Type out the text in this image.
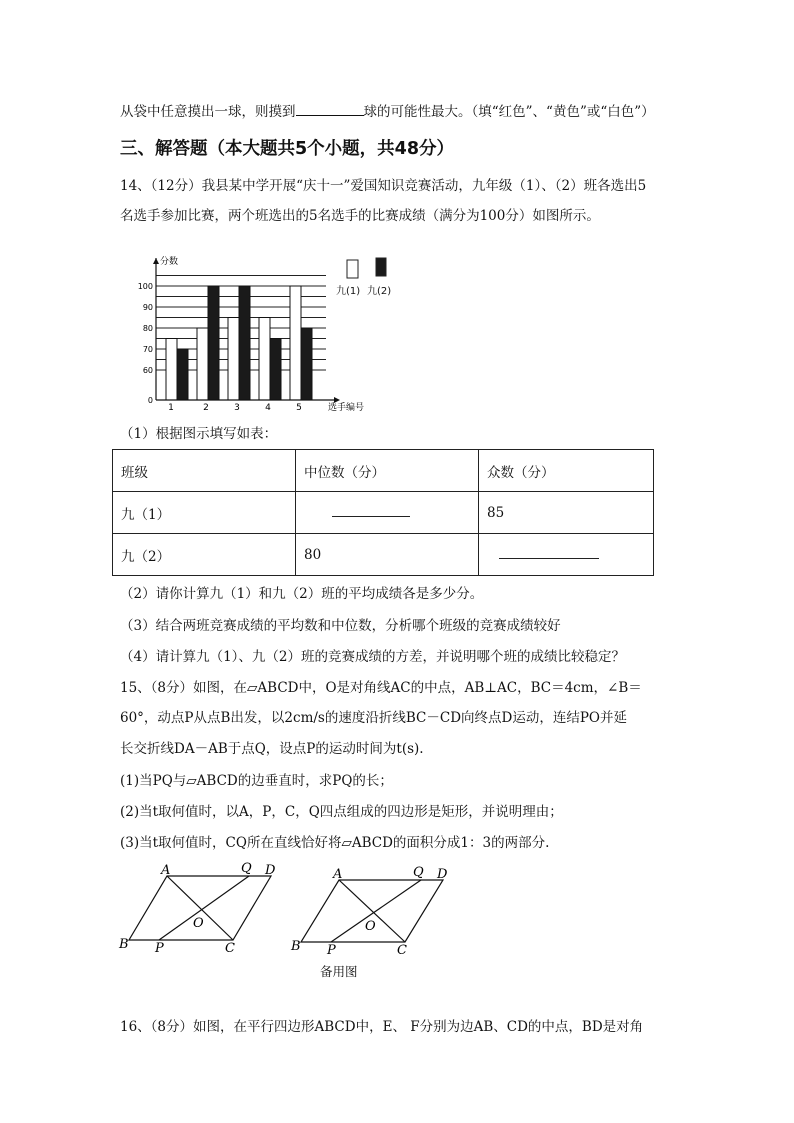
从袋中任意摸出一球，则摸到	球的可能性最大。（填“红色”、“黄色”或“白色”）
三、解答题（本大题共5个小题，共48分）
14、（12分）我县某中学开展“庆十一”爱国知识竞赛活动，九年级（1）、（2）班各选出5
名选手参加比赛，两个班选出的5名选手的比赛成绩（满分为100分）如图所示。
0
60
70
80
90
100
分数
选手编号
1	2	3	4	5
九(1) 九(2)
（1）根据图示填写如表：
班级	中位数（分）	众数（分）
九（1）		85
九（2）	80	
（2）请你计算九（1）和九（2）班的平均成绩各是多少分。
（3）结合两班竞赛成绩的平均数和中位数，分析哪个班级的竞赛成绩较好
（4）请计算九（1）、九（2）班的竞赛成绩的方差，并说明哪个班的成绩比较稳定？
15、（8分）如图，在▱ABCD中，O是对角线AC的中点，AB⊥AC，BC＝4cm，∠B＝
60°，动点P从点B出发，以2cm/s的速度沿折线BC－CD向终点D运动，连结PO并延
长交折线DA－AB于点Q，设点P的运动时间为t(s).
(1)当PQ与▱ABCD的边垂直时，求PQ的长；
(2)当t取何值时，以A，P，C，Q四点组成的四边形是矩形，并说明理由；
(3)当t取何值时，CQ所在直线恰好将▱ABCD的面积分成1：3的两部分.
A	Q D
O
B P	C
A	Q D
O
B P	C
备用图
16、（8分）如图，在平行四边形ABCD中，E、 F分别为边AB、CD的中点，BD是对角
